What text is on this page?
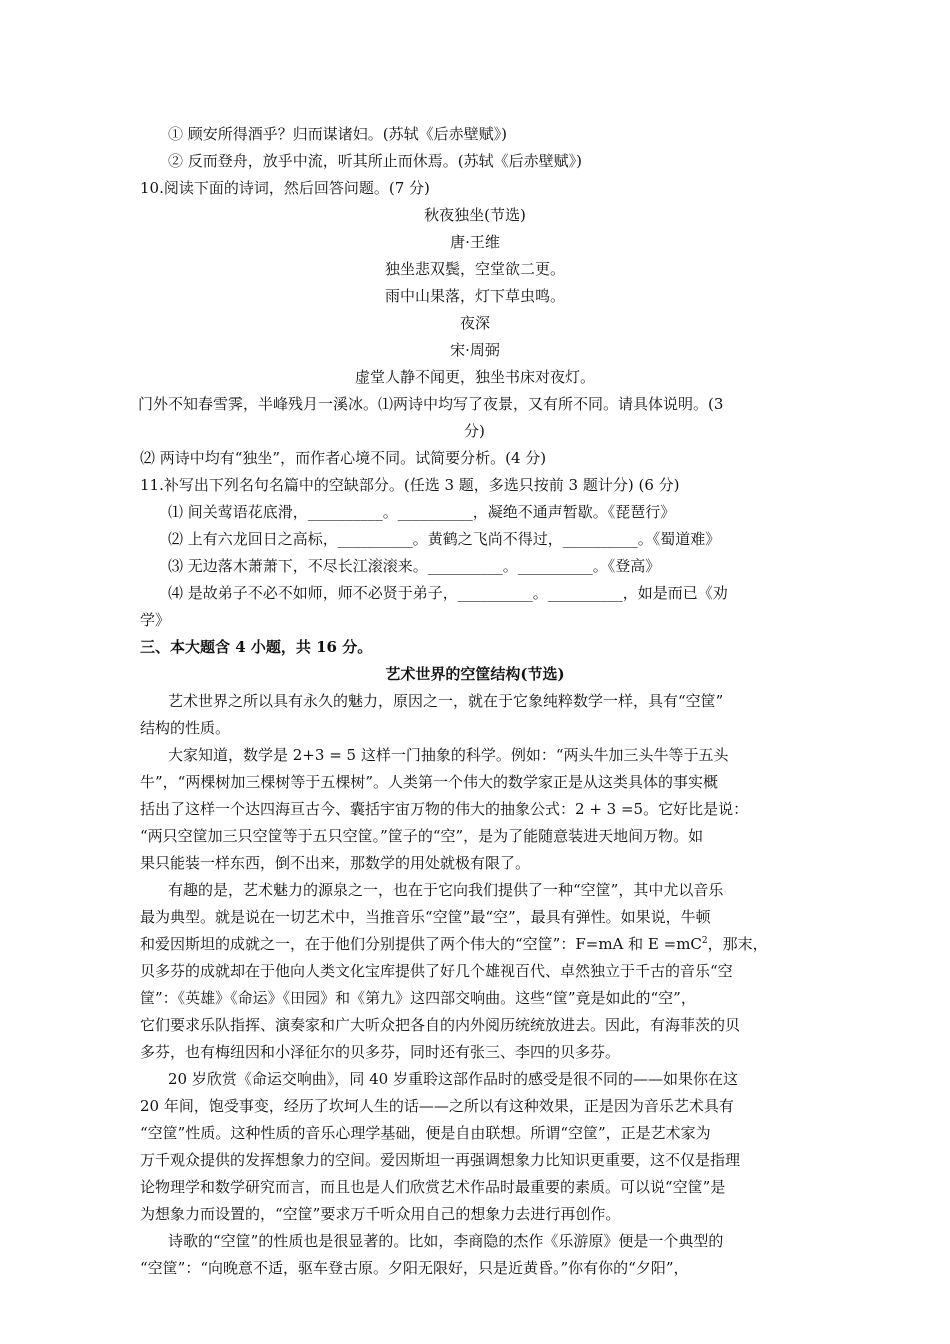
① 顾安所得酒乎？归而谋诸妇。(苏轼《后赤壁赋》)
② 反而登舟，放乎中流，听其所止而休焉。(苏轼《后赤壁赋》)
10.阅读下面的诗词，然后回答问题。(7 分)
秋夜独坐(节选)
唐·王维
独坐悲双鬓，空堂欲二更。
雨中山果落，灯下草虫鸣。
夜深
宋·周弼
虚堂人静不闻更，独坐书床对夜灯。
门外不知春雪霁，半峰残月一溪冰。⑴两诗中均写了夜景，又有所不同。请具体说明。(3
分)
⑵ 两诗中均有“独坐”，而作者心境不同。试简要分析。(4 分)
11.补写出下列名句名篇中的空缺部分。(任选 3 题，多选只按前 3 题计分) (6 分)
⑴ 间关莺语花底滑，__________。__________，凝绝不通声暂歇。《琵琶行》
⑵ 上有六龙回日之高标，__________。黄鹤之飞尚不得过，__________。《蜀道难》
⑶ 无边落木萧萧下，不尽长江滚滚来。__________。__________。《登高》
⑷ 是故弟子不必不如师，师不必贤于弟子，__________。__________，如是而已《劝
学》
三、本大题含 4 小题，共 16 分。
艺术世界的空筐结构(节选)
艺术世界之所以具有永久的魅力，原因之一，就在于它象纯粹数学一样，具有“空筐”
结构的性质。
大家知道，数学是 2+3 = 5 这样一门抽象的科学。例如：“两头牛加三头牛等于五头
牛”，“两棵树加三棵树等于五棵树”。人类第一个伟大的数学家正是从这类具体的事实概
括出了这样一个达四海亘古今、囊括宇宙万物的伟大的抽象公式：2 + 3 =5。它好比是说：
“两只空筐加三只空筐等于五只空筐。”筐子的“空”，是为了能随意装进天地间万物。如
果只能装一样东西，倒不出来，那数学的用处就极有限了。
有趣的是，艺术魅力的源泉之一，也在于它向我们提供了一种“空筐”，其中尤以音乐
最为典型。就是说在一切艺术中，当推音乐“空筐”最“空”，最具有弹性。如果说，牛顿
和爱因斯坦的成就之一，在于他们分别提供了两个伟大的“空筐”：F=mA 和 $E =mC^2$，那末，
贝多芬的成就却在于他向人类文化宝库提供了好几个雄视百代、卓然独立于千古的音乐“空
筐”：《英雄》《命运》《田园》和《第九》这四部交响曲。这些“筐”竟是如此的“空”，
它们要求乐队指挥、演奏家和广大听众把各自的内外阅历统统放进去。因此，有海菲茨的贝
多芬，也有梅纽因和小泽征尔的贝多芬，同时还有张三、李四的贝多芬。
20 岁欣赏《命运交响曲》，同 40 岁重聆这部作品时的感受是很不同的——如果你在这
20 年间，饱受事变，经历了坎坷人生的话——之所以有这种效果，正是因为音乐艺术具有
“空筐”性质。这种性质的音乐心理学基础，便是自由联想。所谓“空筐”，正是艺术家为
万千观众提供的发挥想象力的空间。爱因斯坦一再强调想象力比知识更重要，这不仅是指理
论物理学和数学研究而言，而且也是人们欣赏艺术作品时最重要的素质。可以说“空筐”是
为想象力而设置的，“空筐”要求万千听众用自己的想象力去进行再创作。
诗歌的“空筐”的性质也是很显著的。比如，李商隐的杰作《乐游原》便是一个典型的
“空筐”：“向晚意不适，驱车登古原。夕阳无限好，只是近黄昏。”你有你的“夕阳”，
